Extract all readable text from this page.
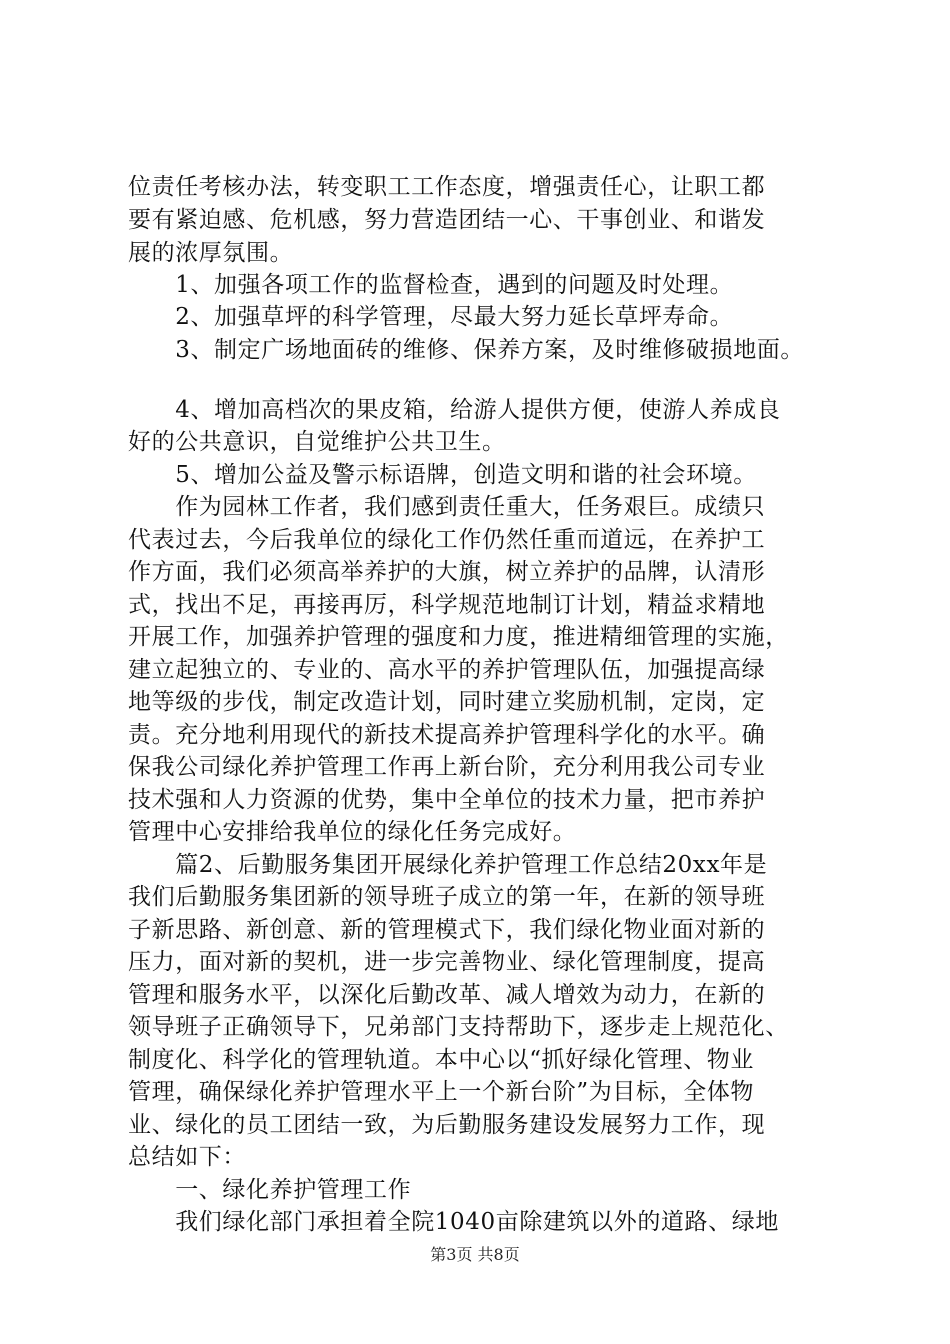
位责任考核办法，转变职工工作态度，增强责任心，让职工都
要有紧迫感、危机感，努力营造团结一心、干事创业、和谐发
展的浓厚氛围。
　　1、加强各项工作的监督检查，遇到的问题及时处理。
　　2、加强草坪的科学管理，尽最大努力延长草坪寿命。
　　3、制定广场地面砖的维修、保养方案，及时维修破损地面。
　　4、增加高档次的果皮箱，给游人提供方便，使游人养成良
好的公共意识，自觉维护公共卫生。
　　5、增加公益及警示标语牌，创造文明和谐的社会环境。
　　作为园林工作者，我们感到责任重大，任务艰巨。成绩只
代表过去，今后我单位的绿化工作仍然任重而道远，在养护工
作方面，我们必须高举养护的大旗，树立养护的品牌，认清形
式，找出不足，再接再厉，科学规范地制订计划，精益求精地
开展工作，加强养护管理的强度和力度，推进精细管理的实施，
建立起独立的、专业的、高水平的养护管理队伍，加强提高绿
地等级的步伐，制定改造计划，同时建立奖励机制，定岗，定
责。充分地利用现代的新技术提高养护管理科学化的水平。确
保我公司绿化养护管理工作再上新台阶，充分利用我公司专业
技术强和人力资源的优势，集中全单位的技术力量，把市养护
管理中心安排给我单位的绿化任务完成好。
　　篇2、后勤服务集团开展绿化养护管理工作总结20xx年是
我们后勤服务集团新的领导班子成立的第一年，在新的领导班
子新思路、新创意、新的管理模式下，我们绿化物业面对新的
压力，面对新的契机，进一步完善物业、绿化管理制度，提高
管理和服务水平，以深化后勤改革、减人增效为动力，在新的
领导班子正确领导下，兄弟部门支持帮助下，逐步走上规范化、
制度化、科学化的管理轨道。本中心以“抓好绿化管理、物业
管理，确保绿化养护管理水平上一个新台阶”为目标，全体物
业、绿化的员工团结一致，为后勤服务建设发展努力工作，现
总结如下：
　　一、绿化养护管理工作
　　我们绿化部门承担着全院1040亩除建筑以外的道路、绿地
第3页 共8页
